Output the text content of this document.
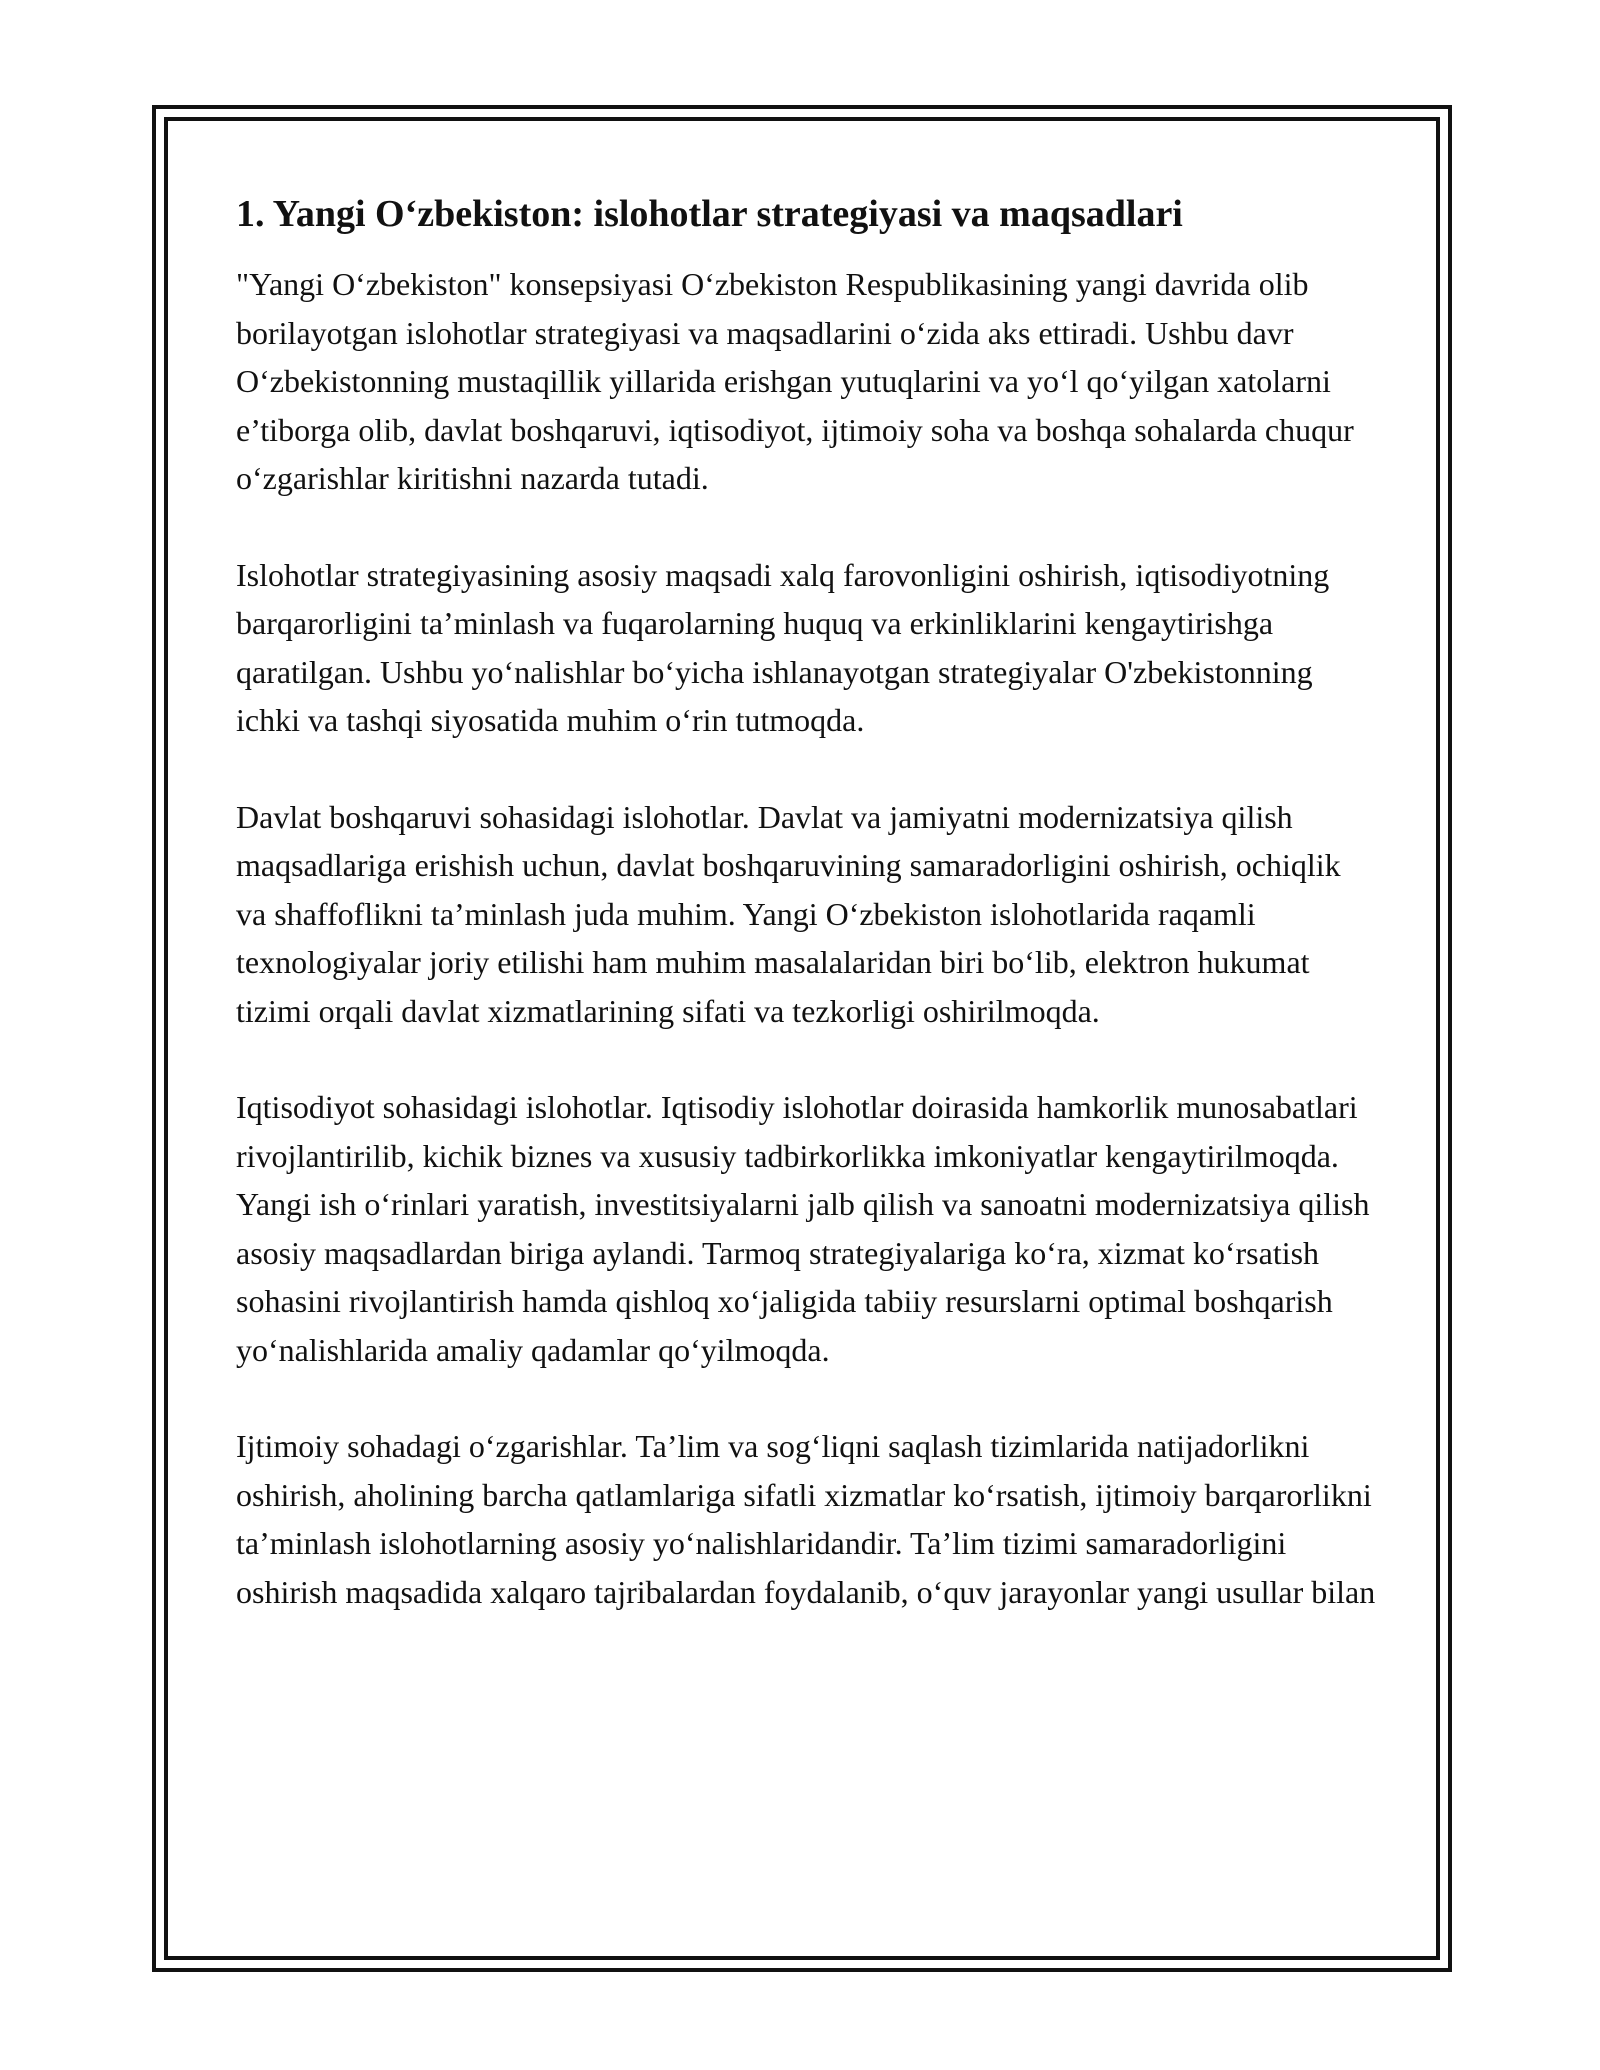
1. Yangi O‘zbekiston: islohotlar strategiyasi va maqsadlari

"Yangi O‘zbekiston" konsepsiyasi O‘zbekiston Respublikasining yangi davrida olib borilayotgan islohotlar strategiyasi va maqsadlarini o‘zida aks ettiradi. Ushbu davr O‘zbekistonning mustaqillik yillarida erishgan yutuqlarini va yo‘l qo‘yilgan xatolarni e’tiborga olib, davlat boshqaruvi, iqtisodiyot, ijtimoiy soha va boshqa sohalarda chuqur o‘zgarishlar kiritishni nazarda tutadi.

Islohotlar strategiyasining asosiy maqsadi xalq farovonligini oshirish, iqtisodiyotning barqarorligini ta’minlash va fuqarolarning huquq va erkinliklarini kengaytirishga qaratilgan. Ushbu yo‘nalishlar bo‘yicha ishlanayotgan strategiyalar O'zbekistonning ichki va tashqi siyosatida muhim o‘rin tutmoqda.

Davlat boshqaruvi sohasidagi islohotlar. Davlat va jamiyatni modernizatsiya qilish maqsadlariga erishish uchun, davlat boshqaruvining samaradorligini oshirish, ochiqlik va shaffoflikni ta’minlash juda muhim. Yangi O‘zbekiston islohotlarida raqamli texnologiyalar joriy etilishi ham muhim masalalaridan biri bo‘lib, elektron hukumat tizimi orqali davlat xizmatlarining sifati va tezkorligi oshirilmoqda.

Iqtisodiyot sohasidagi islohotlar. Iqtisodiy islohotlar doirasida hamkorlik munosabatlari rivojlantirilib, kichik biznes va xususiy tadbirkorlikka imkoniyatlar kengaytirilmoqda. Yangi ish o‘rinlari yaratish, investitsiyalarni jalb qilish va sanoatni modernizatsiya qilish asosiy maqsadlardan biriga aylandi. Tarmoq strategiyalariga ko‘ra, xizmat ko‘rsatish sohasini rivojlantirish hamda qishloq xo‘jaligida tabiiy resurslarni optimal boshqarish yo‘nalishlarida amaliy qadamlar qo‘yilmoqda.

Ijtimoiy sohadagi o‘zgarishlar. Ta’lim va sog‘liqni saqlash tizimlarida natijadorlikni oshirish, aholining barcha qatlamlariga sifatli xizmatlar ko‘rsatish, ijtimoiy barqarorlikni ta’minlash islohotlarning asosiy yo‘nalishlaridandir. Ta’lim tizimi samaradorligini oshirish maqsadida xalqaro tajribalardan foydalanib, o‘quv jarayonlar yangi usullar bilan
